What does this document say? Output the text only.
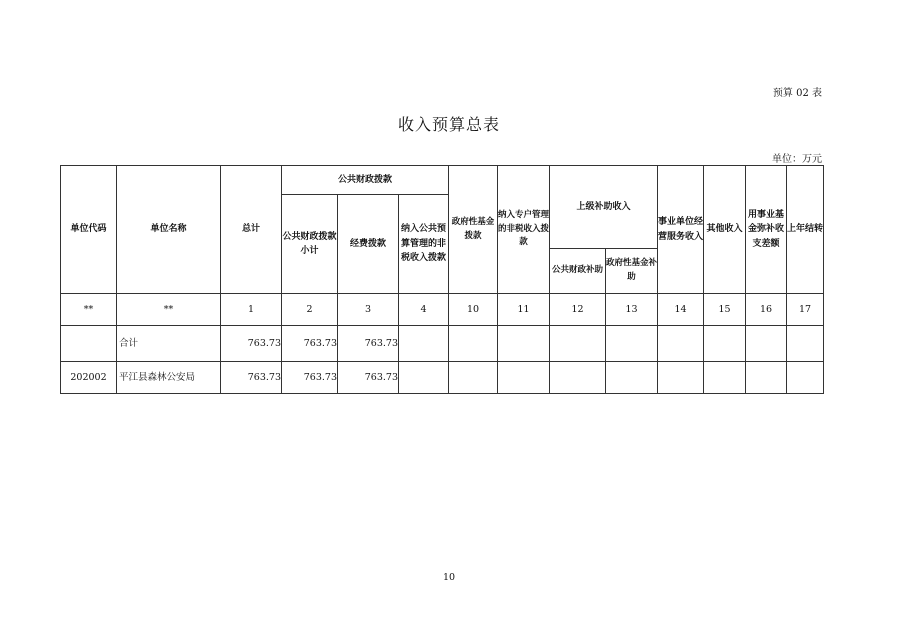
预算 02 表
收入预算总表
单位：万元
单位代码	单位名称	总计	公共财政拨款			政府性基金拨款	纳入专户管理的非税收入拨款	上级补助收入		事业单位经营服务收入	其他收入	用事业基金弥补收支差额	上年结转
			公共财政拨款小计	经费拨款	纳入公共预算管理的非税收入拨款								
								公共财政补助	政府性基金补助				
**	**	1	2	3	4	10	11	12	13	14	15	16	17
	合计	763.73	763.73	763.73									
202002	平江县森林公安局	763.73	763.73	763.73									
10
